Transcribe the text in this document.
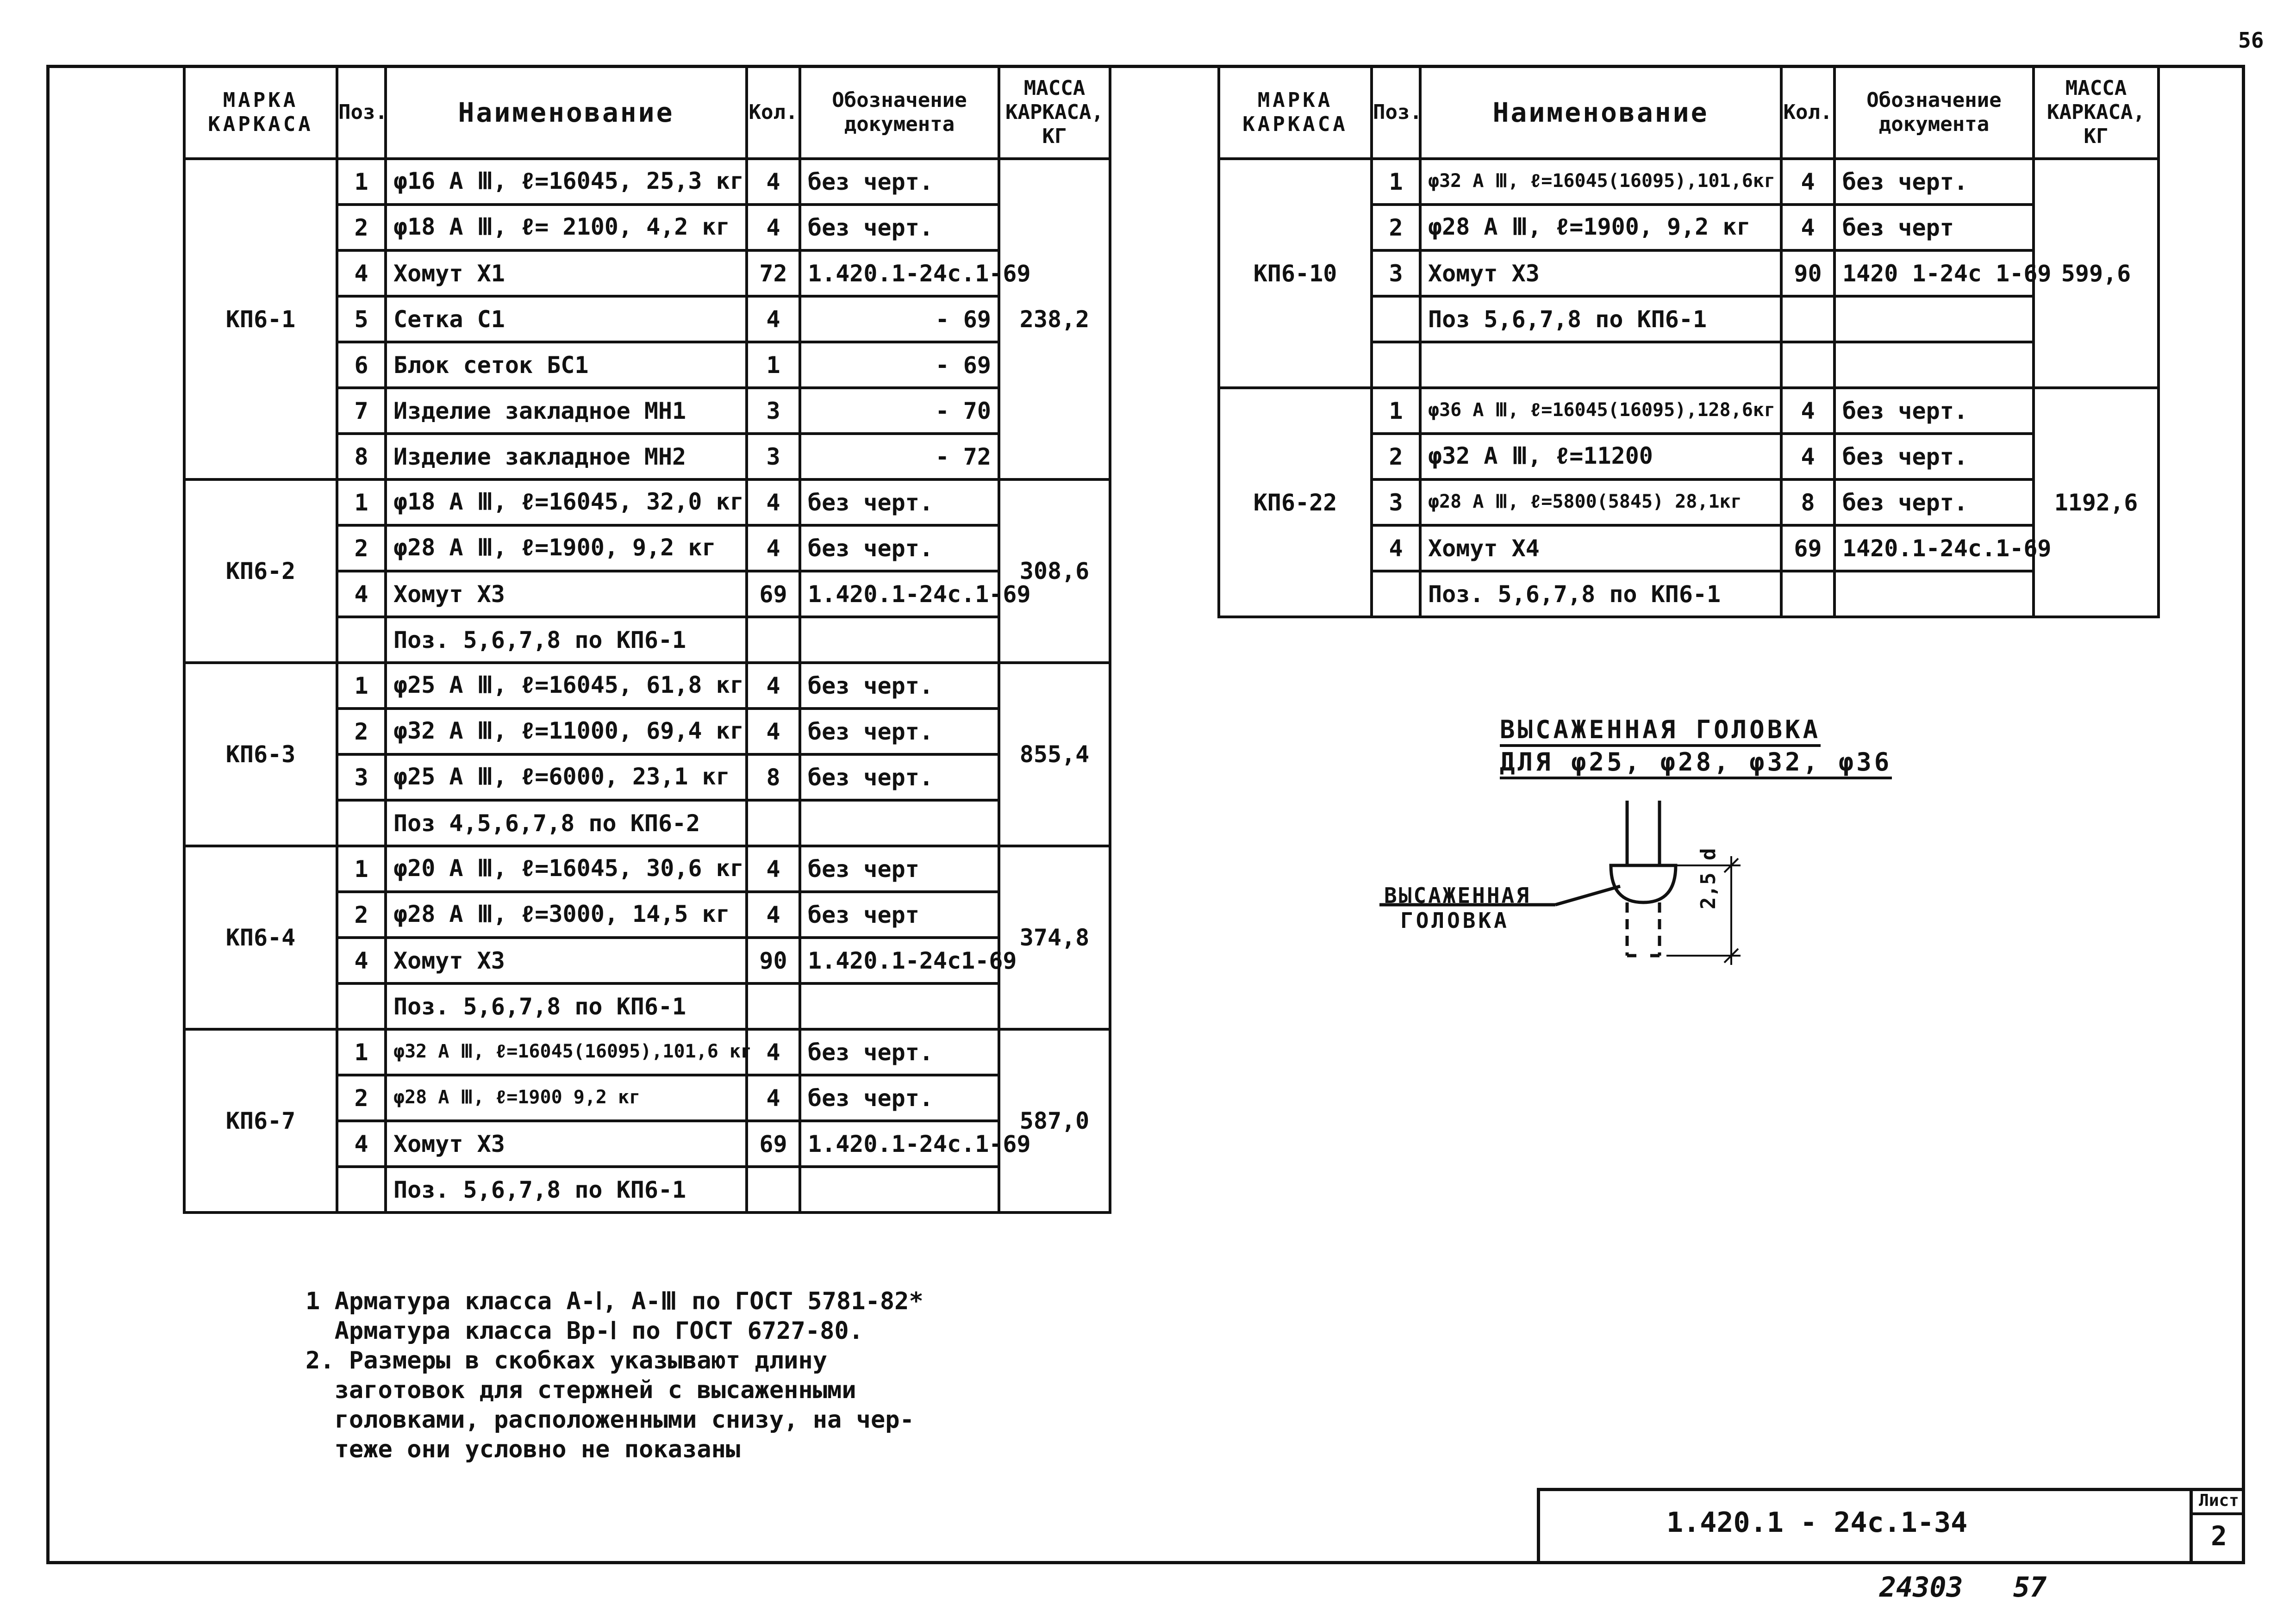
56
МАРКА КАРКАСА	Поз.	Наименование	Кол.	Обозначение документа	МАССА КАРКАСА, КГ
КП6-1	1	φ16 A Ⅲ, ℓ=16045, 25,3 кг	4	без черт.	238,2
	2	φ18 A Ⅲ, ℓ= 2100, 4,2 кг	4	без черт.	
	4	Хомут Х1	72	1.420.1-24с.1-69	
	5	Сетка С1	4	- 69	
	6	Блок сеток БС1	1	- 69	
	7	Изделие закладное МН1	3	- 70	
	8	Изделие закладное МН2	3	- 72	
КП6-2	1	φ18 A Ⅲ, ℓ=16045, 32,0 кг	4	без черт.	308,6
	2	φ28 A Ⅲ, ℓ=1900, 9,2 кг	4	без черт.	
	4	Хомут Х3	69	1.420.1-24с.1-69	
		Поз. 5,6,7,8 по КП6-1			
КП6-3	1	φ25 A Ⅲ, ℓ=16045, 61,8 кг	4	без черт.	855,4
	2	φ32 A Ⅲ, ℓ=11000, 69,4 кг	4	без черт.	
	3	φ25 A Ⅲ, ℓ=6000, 23,1 кг	8	без черт.	
		Поз 4,5,6,7,8 по КП6-2			
КП6-4	1	φ20 A Ⅲ, ℓ=16045, 30,6 кг	4	без черт	374,8
	2	φ28 A Ⅲ, ℓ=3000, 14,5 кг	4	без черт	
	4	Хомут Х3	90	1.420.1-24с1-69	
		Поз. 5,6,7,8 по КП6-1			
КП6-7	1	φ32 A Ⅲ, ℓ=16045(16095),101,6 кг	4	без черт.	587,0
	2	φ28 A Ⅲ, ℓ=1900 9,2 кг	4	без черт.	
	4	Хомут Х3	69	1.420.1-24с.1-69	
		Поз. 5,6,7,8 по КП6-1			
МАРКА КАРКАСА	Поз.	Наименование	Кол.	Обозначение документа	МАССА КАРКАСА, КГ
КП6-10	1	φ32 A Ⅲ, ℓ=16045(16095),101,6кг	4	без черт.	599,6
	2	φ28 A Ⅲ, ℓ=1900, 9,2 кг	4	без черт	
	3	Хомут Х3	90	1420 1-24с 1-69	
		Поз 5,6,7,8 по КП6-1			

КП6-22	1	φ36 A Ⅲ, ℓ=16045(16095),128,6кг	4	без черт.	1192,6
	2	φ32 A Ⅲ, ℓ=11200	4	без черт.	
	3	φ28 A Ⅲ, ℓ=5800(5845) 28,1кг	8	без черт.	
	4	Хомут Х4	69	1420.1-24с.1-69	
		Поз. 5,6,7,8 по КП6-1			
ВЫСАЖЕННАЯ ГОЛОВКА
ДЛЯ φ25, φ28, φ32, φ36
ВЫСАЖЕННАЯ
ГОЛОВКА
2,5 d
1 Арматура класса А-Ⅰ, А-Ⅲ по ГОСТ 5781-82*
Арматура класса Вр-Ⅰ по ГОСТ 6727-80.
2. Размеры в скобках указывают длину
заготовок для стержней с высаженными
головками, расположенными снизу, на чер-
теже они условно не показаны
1.420.1 - 24с.1-34
Лист
2
24303   57
